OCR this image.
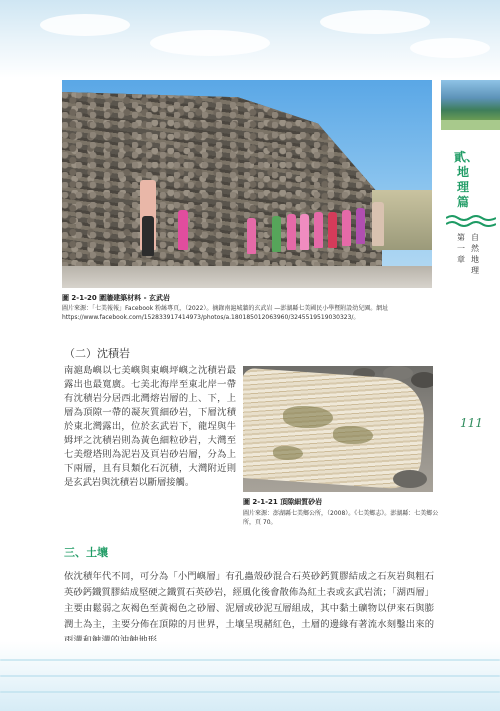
貳、地理篇
第一章
自然地理
111
圖 2-1-20 圍牆建築材料 - 玄武岩
圖片來源：「七美報報」Facebook 粉絲專頁，（2022）。摘錄南滬城牆的玄武岩 —澎湖縣七美國民小學暨附設幼兒園。網址 https://www.facebook.com/152833917414973/photos/a.180185012063960/3245519519030323/。
（二）沈積岩
南滬島嶼以七美嶼與東嶼坪嶼之沈積岩最露出也最寬廣。七美北海岸至東北岸一帶有沈積岩分居西北灣熔岩層的上、下，上層為頂隙一帶的凝灰質細砂岩，下層沈積於東北灣露出，位於玄武岩下，龍埕與牛姆坪之沈積岩則為黃色細粒砂岩，大灣至七美燈塔則為泥岩及頁岩砂岩層，分為上下兩層，且有貝類化石沉積，大灣附近則是玄武岩與沈積岩以斷層接觸。
圖 2-1-21 頂隙細質砂岩
圖片來源：澎湖縣七美鄉公所，（2008）。《七美鄉志》。澎湖縣：七美鄉公所，頁 70。
三、土壤
依沈積年代不同，可分為「小門嶼層」有孔蟲殼砂混合石英砂鈣質膠結成之石灰岩與粗石英砂鈣鐵質膠結成堅硬之鐵質石英砂岩，經風化後會散佈為紅土表或玄武岩流；「湖西層」主要由鬆弱之灰褐色至黃褐色之砂層、泥層或砂泥互層組成，其中黏土礦物以伊來石與膨潤土為主，主要分佈在頂隙的月世界，土壤呈現赭紅色，土層的邊緣有著流水刻鑿出來的
